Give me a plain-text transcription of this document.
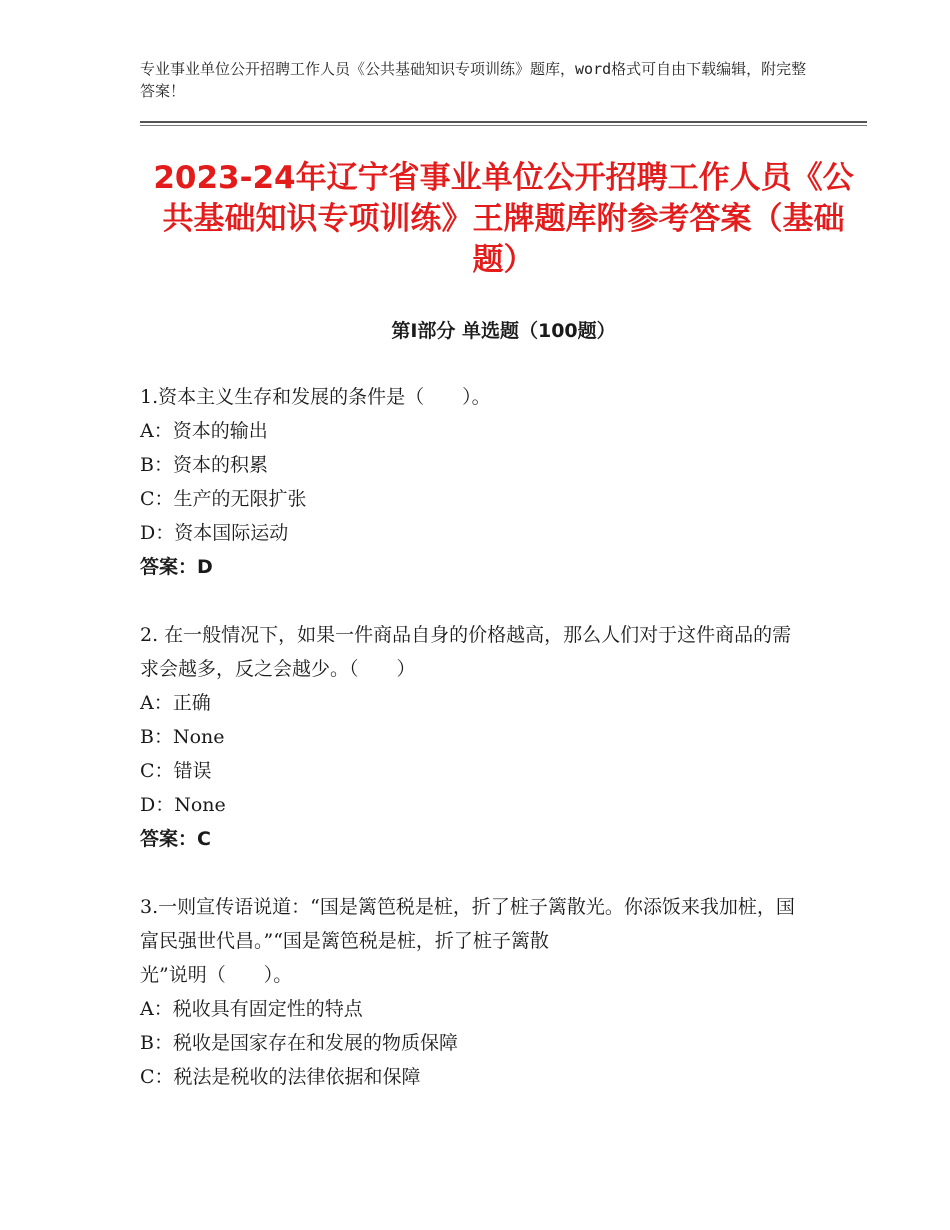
专业事业单位公开招聘工作人员《公共基础知识专项训练》题库，word格式可自由下载编辑，附完整答案！
2023-24年辽宁省事业单位公开招聘工作人员《公共基础知识专项训练》王牌题库附参考答案（基础题）
第Ⅰ部分 单选题（100题）

1.资本主义生存和发展的条件是（　　）。

A：资本的输出

B：资本的积累

C：生产的无限扩张

D：资本国际运动

答案：D

2. 在一般情况下，如果一件商品自身的价格越高，那么人们对于这件商品的需求会越多，反之会越少。（　　）

A：正确

B：None

C：错误

D：None

答案：C

3.一则宣传语说道：“国是篱笆税是桩，折了桩子篱散光。你添饭来我加桩，国富民强世代昌。”“国是篱笆税是桩，折了桩子篱散

光”说明（　　）。

A：税收具有固定性的特点

B：税收是国家存在和发展的物质保障

C：税法是税收的法律依据和保障
